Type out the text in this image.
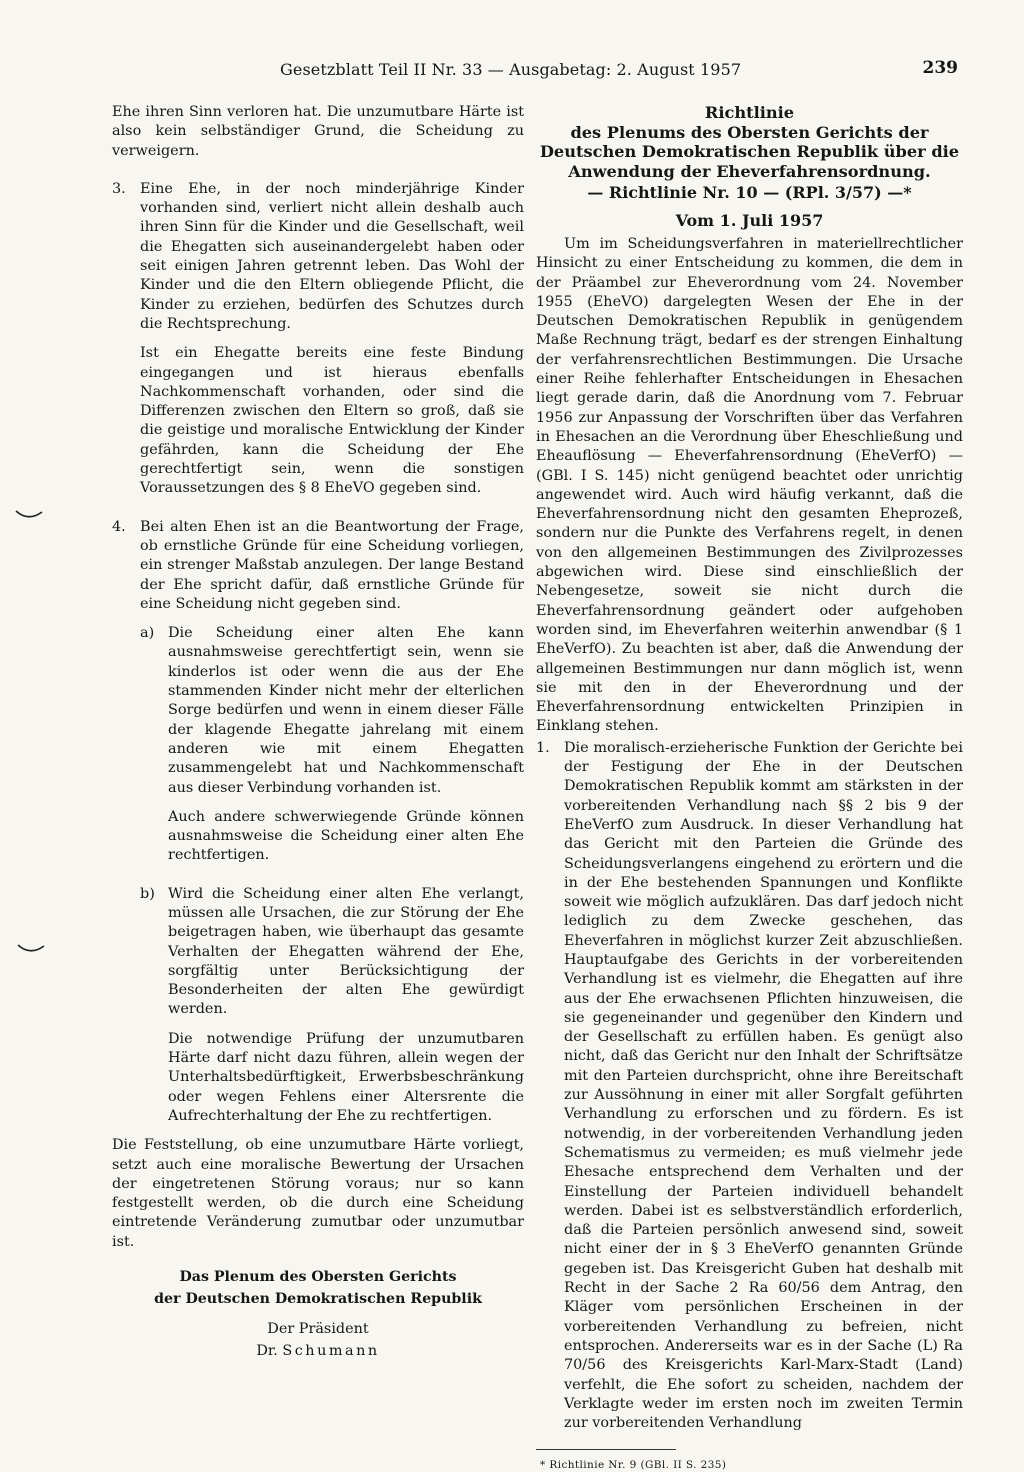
Gesetzblatt Teil II Nr. 33 — Ausgabetag: 2. August 1957	239

Ehe ihren Sinn verloren hat. Die unzumutbare Härte ist also kein selbständiger Grund, die Scheidung zu verweigern.

3. Eine Ehe, in der noch minderjährige Kinder vorhanden sind, verliert nicht allein deshalb auch ihren Sinn für die Kinder und die Gesellschaft, weil die Ehegatten sich auseinandergelebt haben oder seit einigen Jahren getrennt leben. Das Wohl der Kinder und die den Eltern obliegende Pflicht, die Kinder zu erziehen, bedürfen des Schutzes durch die Rechtsprechung.

Ist ein Ehegatte bereits eine feste Bindung eingegangen und ist hieraus ebenfalls Nachkommenschaft vorhanden, oder sind die Differenzen zwischen den Eltern so groß, daß sie die geistige und moralische Entwicklung der Kinder gefährden, kann die Scheidung der Ehe gerechtfertigt sein, wenn die sonstigen Voraussetzungen des § 8 EheVO gegeben sind.

4. Bei alten Ehen ist an die Beantwortung der Frage, ob ernstliche Gründe für eine Scheidung vorliegen, ein strenger Maßstab anzulegen. Der lange Bestand der Ehe spricht dafür, daß ernstliche Gründe für eine Scheidung nicht gegeben sind.

a) Die Scheidung einer alten Ehe kann ausnahmsweise gerechtfertigt sein, wenn sie kinderlos ist oder wenn die aus der Ehe stammenden Kinder nicht mehr der elterlichen Sorge bedürfen und wenn in einem dieser Fälle der klagende Ehegatte jahrelang mit einem anderen wie mit einem Ehegatten zusammengelebt hat und Nachkommenschaft aus dieser Verbindung vorhanden ist.

Auch andere schwerwiegende Gründe können ausnahmsweise die Scheidung einer alten Ehe rechtfertigen.

b) Wird die Scheidung einer alten Ehe verlangt, müssen alle Ursachen, die zur Störung der Ehe beigetragen haben, wie überhaupt das gesamte Verhalten der Ehegatten während der Ehe, sorgfältig unter Berücksichtigung der Besonderheiten der alten Ehe gewürdigt werden.

Die notwendige Prüfung der unzumutbaren Härte darf nicht dazu führen, allein wegen der Unterhaltsbedürftigkeit, Erwerbsbeschränkung oder wegen Fehlens einer Altersrente die Aufrechterhaltung der Ehe zu rechtfertigen.

Die Feststellung, ob eine unzumutbare Härte vorliegt, setzt auch eine moralische Bewertung der Ursachen der eingetretenen Störung voraus; nur so kann festgestellt werden, ob die durch eine Scheidung eintretende Veränderung zumutbar oder unzumutbar ist.

Das Plenum des Obersten Gerichts
der Deutschen Demokratischen Republik
Der Präsident
Dr. Schumann
Richtlinie
des Plenums des Obersten Gerichts der Deutschen Demokratischen Republik über die Anwendung der Eheverfahrensordnung.
— Richtlinie Nr. 10 — (RPl. 3/57) —*
Vom 1. Juli 1957

Um im Scheidungsverfahren in materiellrechtlicher Hinsicht zu einer Entscheidung zu kommen, die dem in der Präambel zur Eheverordnung vom 24. November 1955 (EheVO) dargelegten Wesen der Ehe in der Deutschen Demokratischen Republik in genügendem Maße Rechnung trägt, bedarf es der strengen Einhaltung der verfahrensrechtlichen Bestimmungen. Die Ursache einer Reihe fehlerhafter Entscheidungen in Ehesachen liegt gerade darin, daß die Anordnung vom 7. Februar 1956 zur Anpassung der Vorschriften über das Verfahren in Ehesachen an die Verordnung über Eheschließung und Eheauflösung — Eheverfahrensordnung (EheVerfO) — (GBl. I S. 145) nicht genügend beachtet oder unrichtig angewendet wird. Auch wird häufig verkannt, daß die Eheverfahrensordnung nicht den gesamten Eheprozeß, sondern nur die Punkte des Verfahrens regelt, in denen von den allgemeinen Bestimmungen des Zivilprozesses abgewichen wird. Diese sind einschließlich der Nebengesetze, soweit sie nicht durch die Eheverfahrensordnung geändert oder aufgehoben worden sind, im Eheverfahren weiterhin anwendbar (§ 1 EheVerfO). Zu beachten ist aber, daß die Anwendung der allgemeinen Bestimmungen nur dann möglich ist, wenn sie mit den in der Eheverordnung und der Eheverfahrensordnung entwickelten Prinzipien in Einklang stehen.

1. Die moralisch-erzieherische Funktion der Gerichte bei der Festigung der Ehe in der Deutschen Demokratischen Republik kommt am stärksten in der vorbereitenden Verhandlung nach §§ 2 bis 9 der EheVerfO zum Ausdruck. In dieser Verhandlung hat das Gericht mit den Parteien die Gründe des Scheidungsverlangens eingehend zu erörtern und die in der Ehe bestehenden Spannungen und Konflikte soweit wie möglich aufzuklären. Das darf jedoch nicht lediglich zu dem Zwecke geschehen, das Eheverfahren in möglichst kurzer Zeit abzuschließen. Hauptaufgabe des Gerichts in der vorbereitenden Verhandlung ist es vielmehr, die Ehegatten auf ihre aus der Ehe erwachsenen Pflichten hinzuweisen, die sie gegeneinander und gegenüber den Kindern und der Gesellschaft zu erfüllen haben. Es genügt also nicht, daß das Gericht nur den Inhalt der Schriftsätze mit den Parteien durchspricht, ohne ihre Bereitschaft zur Aussöhnung in einer mit aller Sorgfalt geführten Verhandlung zu erforschen und zu fördern. Es ist notwendig, in der vorbereitenden Verhandlung jeden Schematismus zu vermeiden; es muß vielmehr jede Ehesache entsprechend dem Verhalten und der Einstellung der Parteien individuell behandelt werden. Dabei ist es selbstverständlich erforderlich, daß die Parteien persönlich anwesend sind, soweit nicht einer der in § 3 EheVerfO genannten Gründe gegeben ist. Das Kreisgericht Guben hat deshalb mit Recht in der Sache 2 Ra 60/56 dem Antrag, den Kläger vom persönlichen Erscheinen in der vorbereitenden Verhandlung zu befreien, nicht entsprochen. Andererseits war es in der Sache (L) Ra 70/56 des Kreisgerichts Karl-Marx-Stadt (Land) verfehlt, die Ehe sofort zu scheiden, nachdem der Verklagte weder im ersten noch im zweiten Termin zur vorbereitenden Verhandlung

* Richtlinie Nr. 9 (GBl. II S. 235)
